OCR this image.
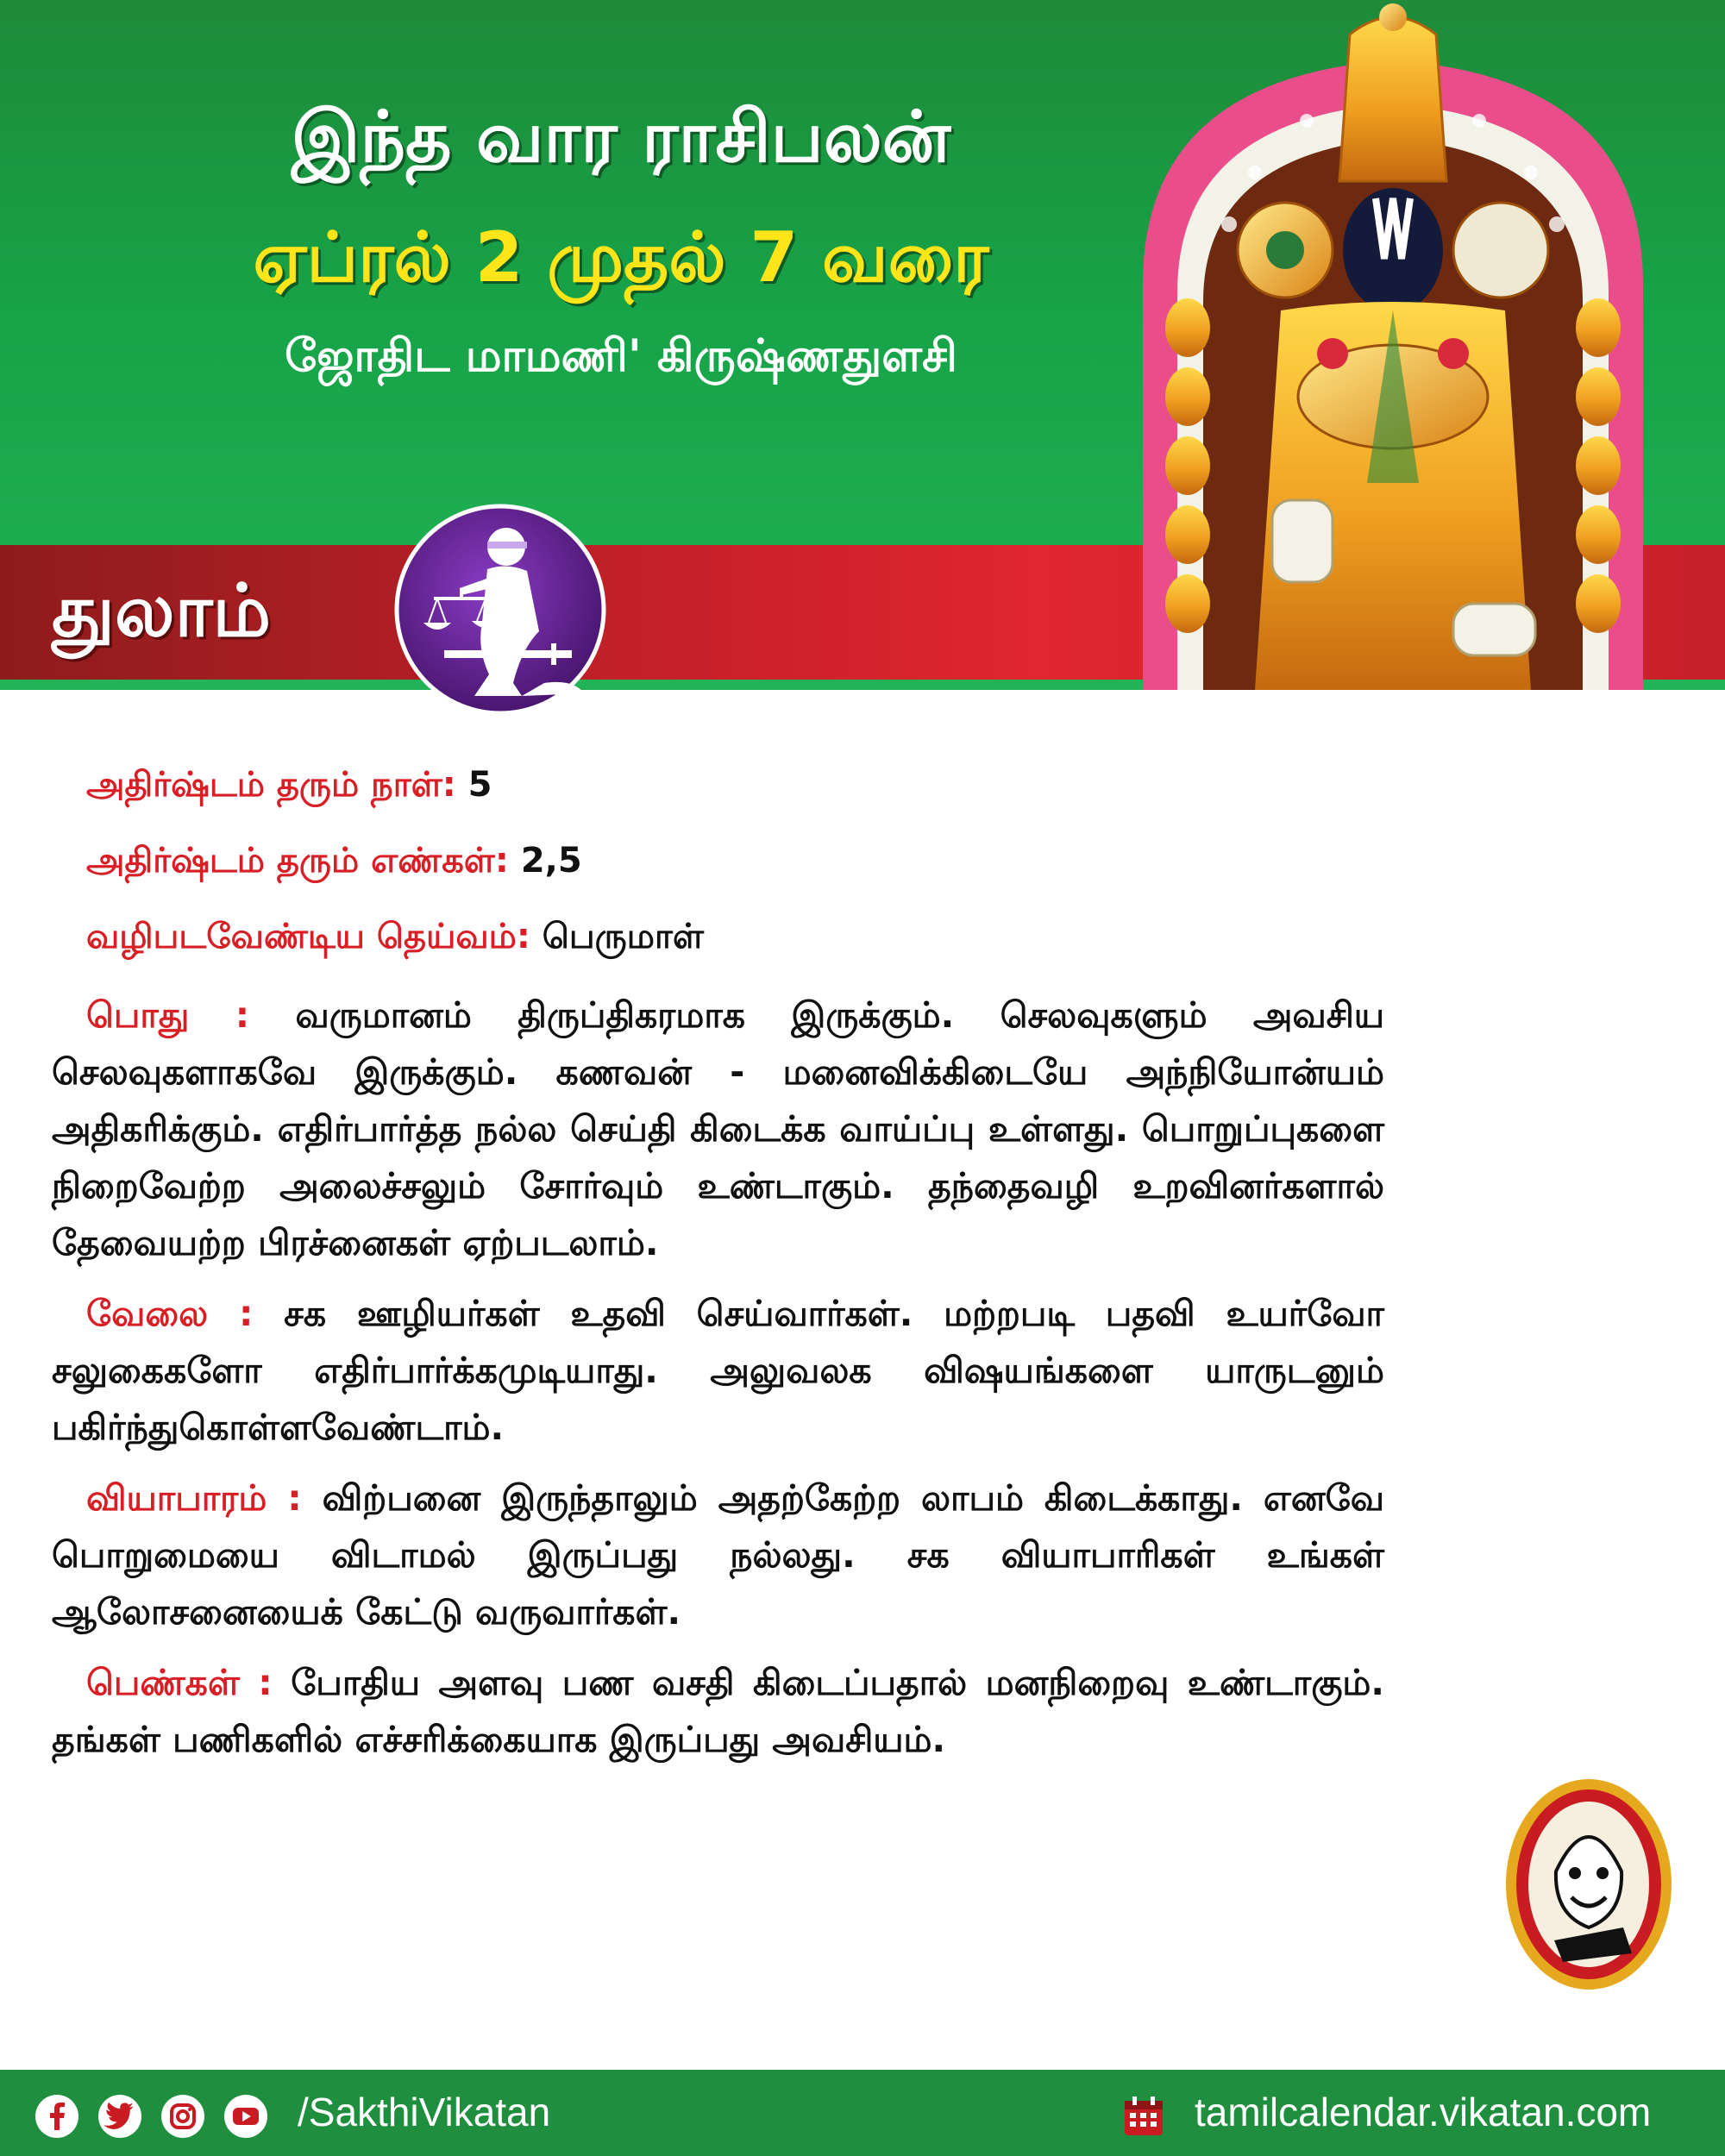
இந்த வார ராசிபலன்
ஏப்ரல் 2 முதல் 7 வரை
ஜோதிட மாமணி' கிருஷ்ணதுளசி
துலாம்
அதிர்ஷ்டம் தரும் நாள்: 5
அதிர்ஷ்டம் தரும் எண்கள்: 2,5
வழிபடவேண்டிய தெய்வம்: பெருமாள்

பொது : வருமானம் திருப்திகரமாக இருக்கும். செலவுகளும் அவசிய செலவுகளாகவே இருக்கும். கணவன் - மனைவிக்கிடையே அந்நியோன்யம் அதிகரிக்கும். எதிர்பார்த்த நல்ல செய்தி கிடைக்க வாய்ப்பு உள்ளது. பொறுப்புகளை நிறைவேற்ற அலைச்சலும் சோர்வும் உண்டாகும். தந்தைவழி உறவினர்களால் தேவையற்ற பிரச்னைகள் ஏற்படலாம்.

வேலை : சக ஊழியர்கள் உதவி செய்வார்கள். மற்றபடி பதவி உயர்வோ சலுகைகளோ எதிர்பார்க்கமுடியாது. அலுவலக விஷயங்களை யாருடனும் பகிர்ந்துகொள்ளவேண்டாம்.

வியாபாரம் : விற்பனை இருந்தாலும் அதற்கேற்ற லாபம் கிடைக்காது. எனவே பொறுமையை விடாமல் இருப்பது நல்லது. சக வியாபாரிகள் உங்கள் ஆலோசனையைக் கேட்டு வருவார்கள்.

பெண்கள் : போதிய அளவு பண வசதி கிடைப்பதால் மனநிறைவு உண்டாகும். தங்கள் பணிகளில் எச்சரிக்கையாக இருப்பது அவசியம்.

/SakthiVikatan	tamilcalendar.vikatan.com
